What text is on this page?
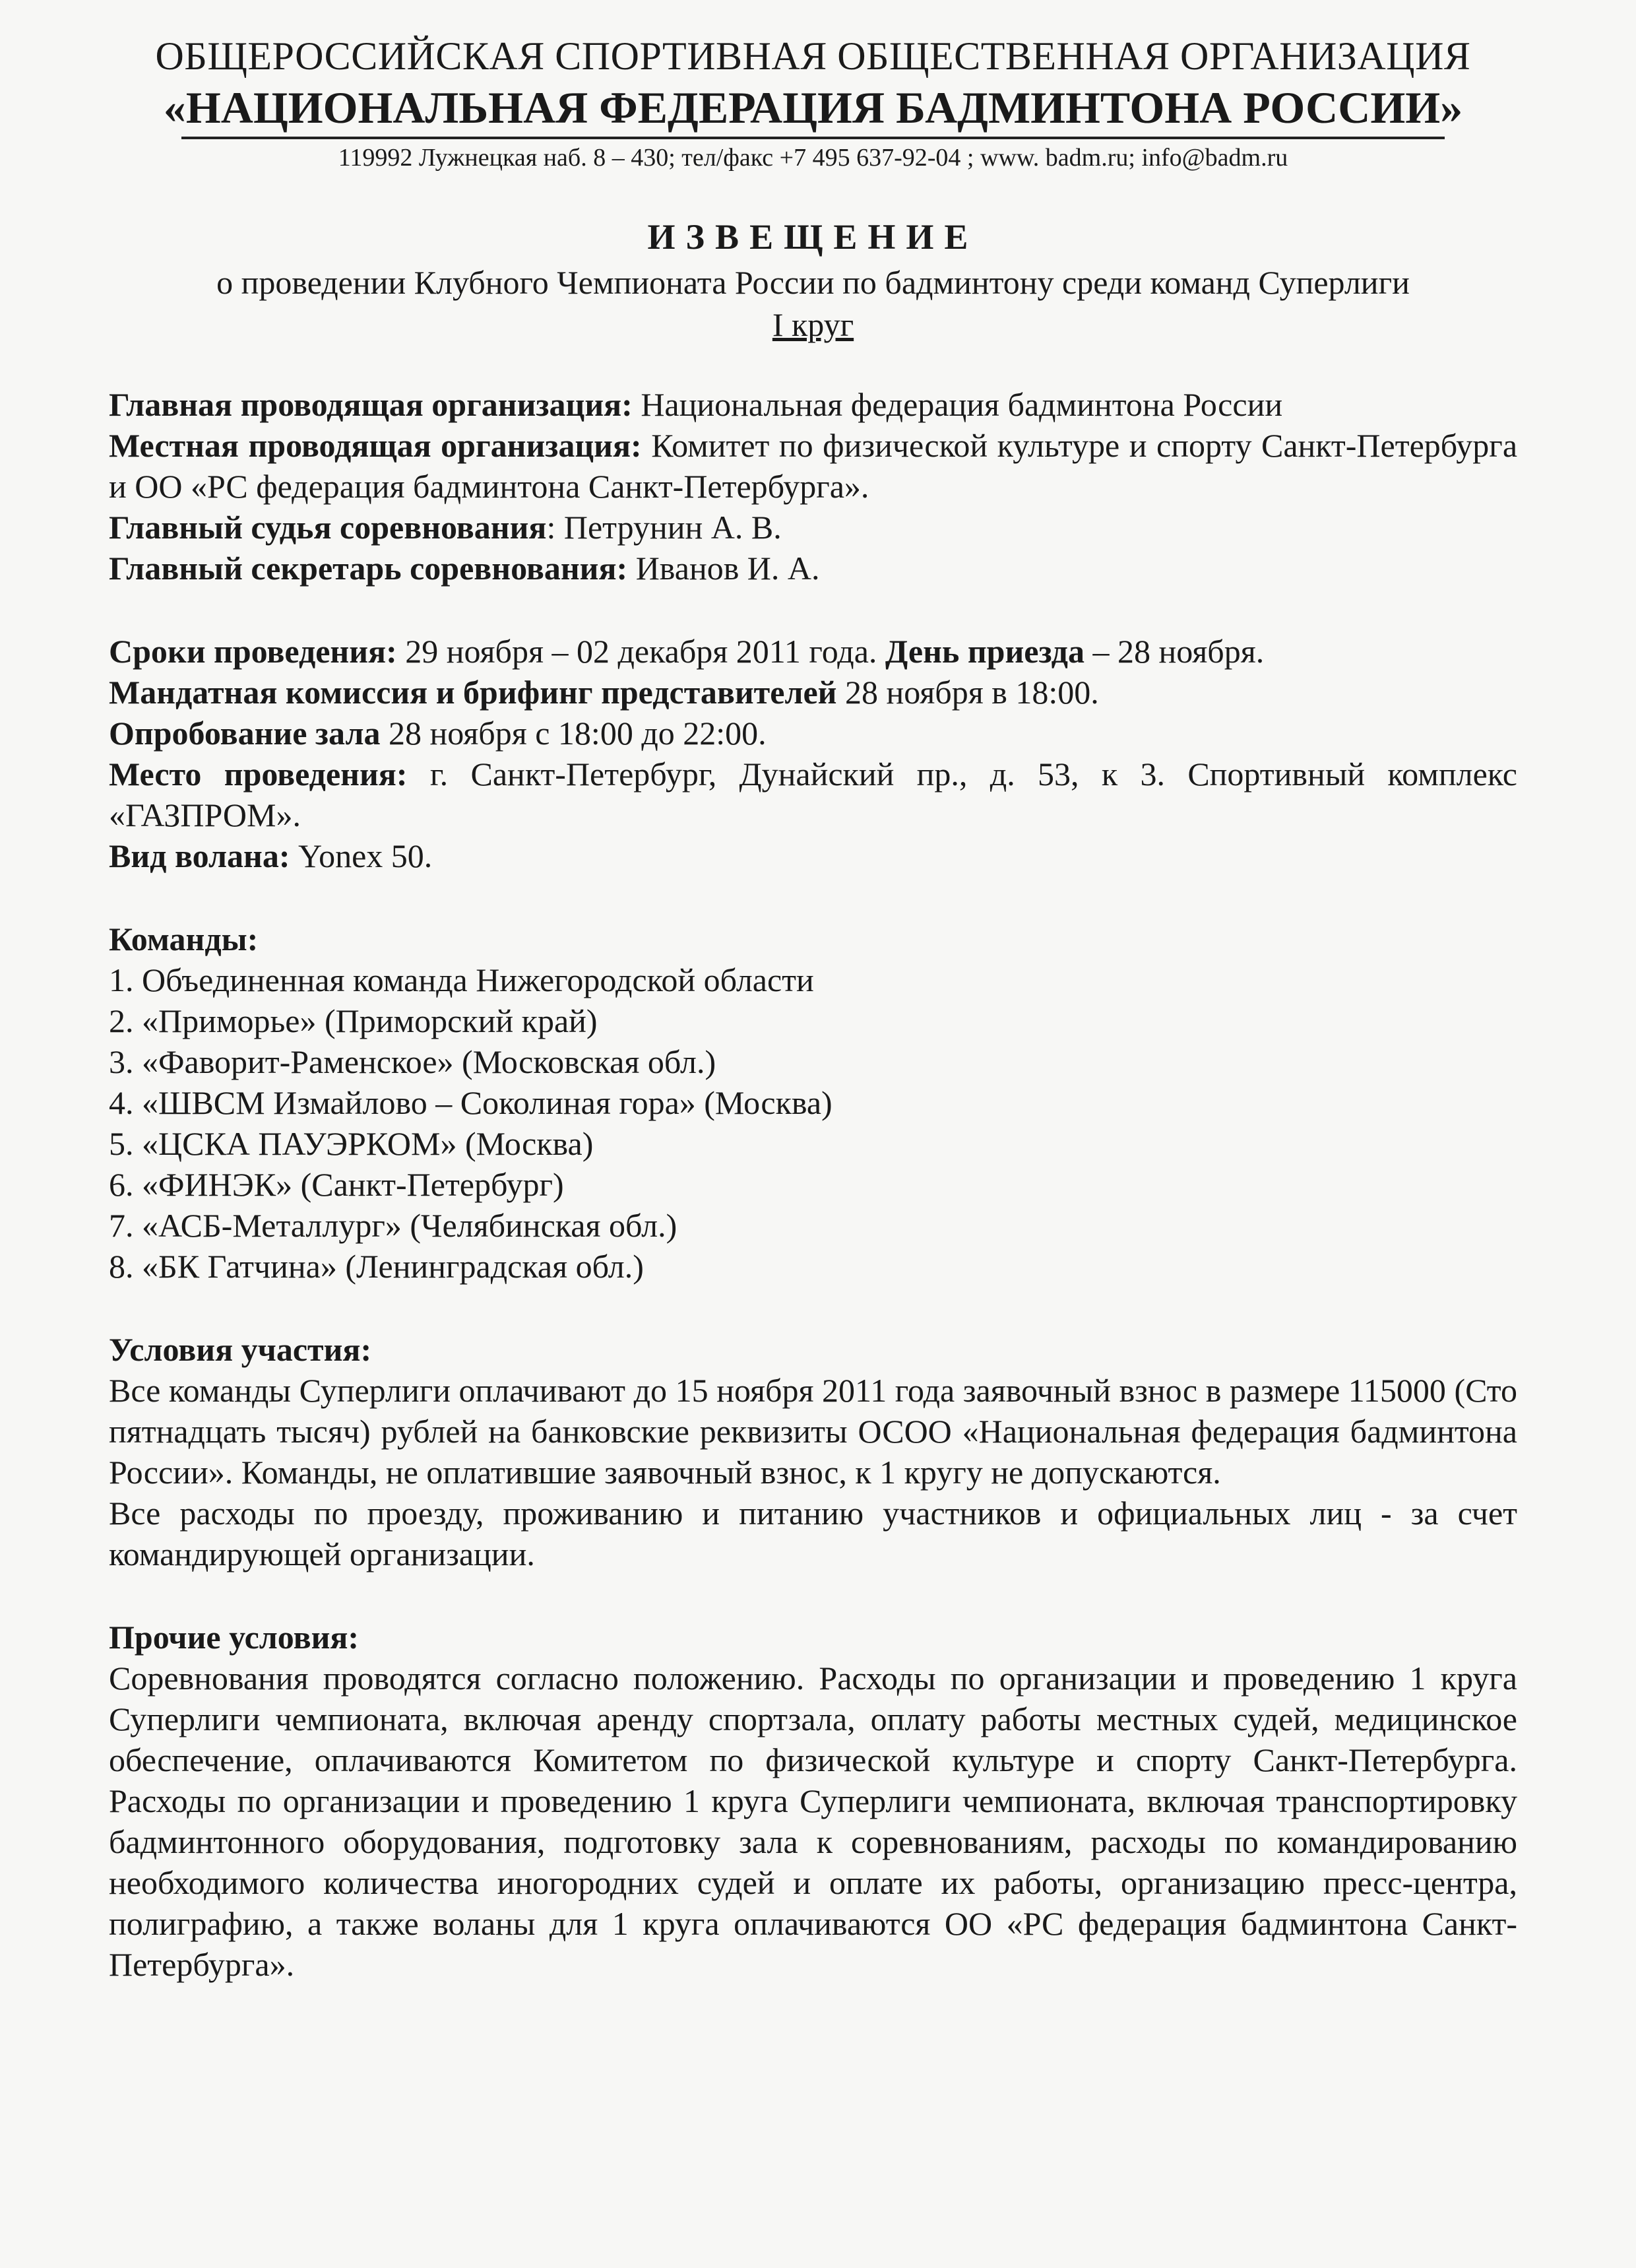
ОБЩЕРОССИЙСКАЯ СПОРТИВНАЯ ОБЩЕСТВЕННАЯ ОРГАНИЗАЦИЯ
«НАЦИОНАЛЬНАЯ ФЕДЕРАЦИЯ БАДМИНТОНА РОССИИ»
119992 Лужнецкая наб. 8 – 430; тел/факс +7 495 637-92-04 ; www. badm.ru; info@badm.ru
ИЗВЕЩЕНИЕ
о проведении Клубного Чемпионата России по бадминтону среди команд Суперлиги
I круг

Главная проводящая организация: Национальная федерация бадминтона России

Местная проводящая организация: Комитет по физической культуре и спорту Санкт-Петербурга и ОО «РС федерация бадминтона Санкт-Петербурга».

Главный судья соревнования: Петрунин А. В.

Главный секретарь соревнования: Иванов И. А.

Сроки проведения: 29 ноября – 02 декабря 2011 года. День приезда – 28 ноября.

Мандатная комиссия и брифинг представителей 28 ноября в 18:00.

Опробование зала 28 ноября с 18:00 до 22:00.

Место проведения: г. Санкт-Петербург, Дунайский пр., д. 53, к 3. Спортивный комплекс «ГАЗПРОМ».

Вид волана: Yonex 50.

Команды:
1. Объединенная команда Нижегородской области
2. «Приморье» (Приморский край)
3. «Фаворит-Раменское» (Московская обл.)
4. «ШВСМ Измайлово – Соколиная гора» (Москва)
5. «ЦСКА ПАУЭРКОМ» (Москва)
6. «ФИНЭК» (Санкт-Петербург)
7. «АСБ-Металлург» (Челябинская обл.)
8. «БК Гатчина» (Ленинградская обл.)
Условия участия:

Все команды Суперлиги оплачивают до 15 ноября 2011 года заявочный взнос в размере 115000 (Сто пятнадцать тысяч) рублей на банковские реквизиты ОСОО «Национальная федерация бадминтона России». Команды, не оплатившие заявочный взнос, к 1 кругу не допускаются.

Все расходы по проезду, проживанию и питанию участников и официальных лиц - за счет командирующей организации.

Прочие условия:

Соревнования проводятся согласно положению. Расходы по организации и проведению 1 круга Суперлиги чемпионата, включая аренду спортзала, оплату работы местных судей, медицинское обеспечение, оплачиваются Комитетом по физической культуре и спорту Санкт-Петербурга. Расходы по организации и проведению 1 круга Суперлиги чемпионата, включая транспортировку бадминтонного оборудования, подготовку зала к соревнованиям, расходы по командированию необходимого количества иногородних судей и оплате их работы, организацию пресс-центра, полиграфию, а также воланы для 1 круга оплачиваются ОО «РС федерация бадминтона Санкт-Петербурга».
